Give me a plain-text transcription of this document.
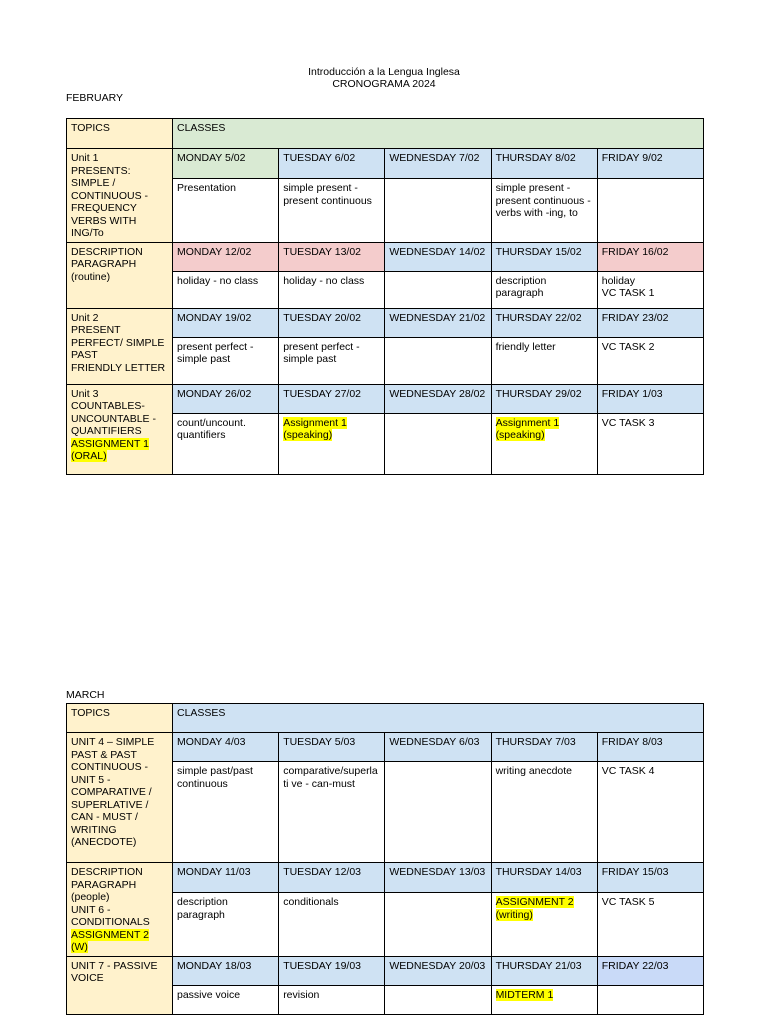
Introducción a la Lengua Inglesa
CRONOGRAMA 2024
FEBRUARY
TOPICS	CLASSES				

Unit 1
PRESENTS: SIMPLE / CONTINUOUS - FREQUENCY VERBS WITH ING/To	MONDAY 5/02	TUESDAY 6/02	WEDNESDAY 7/02	THURSDAY 8/02	FRIDAY 9/02
	Presentation	simple present - present continuous		simple present - present continuous - verbs with -ing, to	

DESCRIPTION PARAGRAPH
(routine)	MONDAY 12/02	TUESDAY 13/02	WEDNESDAY 14/02	THURSDAY 15/02	FRIDAY 16/02
	holiday - no class	holiday - no class		description paragraph	holiday
VC TASK 1

Unit 2
PRESENT PERFECT/ SIMPLE PAST
FRIENDLY LETTER	MONDAY 19/02	TUESDAY 20/02	WEDNESDAY 21/02	THURSDAY 22/02	FRIDAY 23/02
	present perfect - simple past	present perfect - simple past		friendly letter	VC TASK 2

Unit 3
COUNTABLES- UNCOUNTABLE - QUANTIFIERS
ASSIGNMENT 1 (ORAL)	MONDAY 26/02	TUESDAY 27/02	WEDNESDAY 28/02	THURSDAY 29/02	FRIDAY 1/03
	count/uncount. quantifiers	Assignment 1 (speaking)		Assignment 1 (speaking)	VC TASK 3
MARCH
TOPICS	CLASSES				

UNIT 4 – SIMPLE PAST & PAST CONTINUOUS -
UNIT 5 - COMPARATIVE / SUPERLATIVE / CAN - MUST / WRITING (ANECDOTE)	MONDAY 4/03	TUESDAY 5/03	WEDNESDAY 6/03	THURSDAY 7/03	FRIDAY 8/03
	simple past/past continuous	comparative/superlati ve - can-must		writing anecdote	VC TASK 4

DESCRIPTION PARAGRAPH
(people)
UNIT 6 - CONDITIONALS
ASSIGNMENT 2 (W)	MONDAY 11/03	TUESDAY 12/03	WEDNESDAY 13/03	THURSDAY 14/03	FRIDAY 15/03
	description paragraph	conditionals		ASSIGNMENT 2 (writing)	VC TASK 5

UNIT 7 - PASSIVE VOICE	MONDAY 18/03	TUESDAY 19/03	WEDNESDAY 20/03	THURSDAY 21/03	FRIDAY 22/03
	passive voice	revision		MIDTERM 1	
